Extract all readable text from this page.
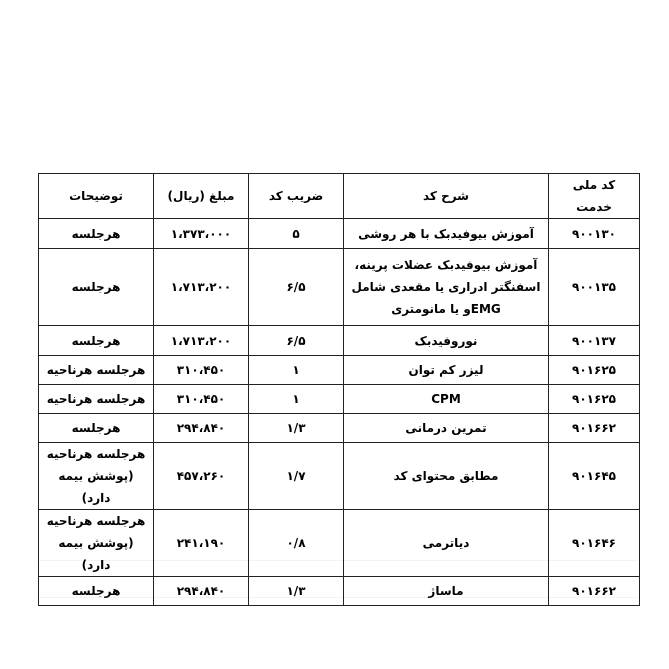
کد ملی خدمت	شرح کد	ضریب کد	مبلغ (ریال)	توضیحات
۹۰۰۱۳۰	آموزش بیوفیدبک با هر روشی	۵	۱،۳۷۳،۰۰۰	هرجلسه
۹۰۰۱۳۵	آموزش بیوفیدبک عضلات پرینه، اسفنگتر ادراری یا مقعدی شامل EMGو یا مانومتری	۶/۵	۱،۷۱۳،۲۰۰	هرجلسه
۹۰۰۱۳۷	نوروفیدبک	۶/۵	۱،۷۱۳،۲۰۰	هرجلسه
۹۰۱۶۲۵	لیزر کم توان	۱	۳۱۰،۴۵۰	هرجلسه هرناحیه
۹۰۱۶۲۵	CPM	۱	۳۱۰،۴۵۰	هرجلسه هرناحیه
۹۰۱۶۶۲	تمرین درمانی	۱/۳	۲۹۴،۸۴۰	هرجلسه
۹۰۱۶۴۵	مطابق محتوای کد	۱/۷	۴۵۷،۲۶۰	هرجلسه هرناحیه (پوشش بیمه دارد)
۹۰۱۶۴۶	دیاترمی	۰/۸	۲۴۱،۱۹۰	هرجلسه هرناحیه (پوشش بیمه دارد)
۹۰۱۶۶۲	ماساژ	۱/۳	۲۹۴،۸۴۰	هرجلسه
